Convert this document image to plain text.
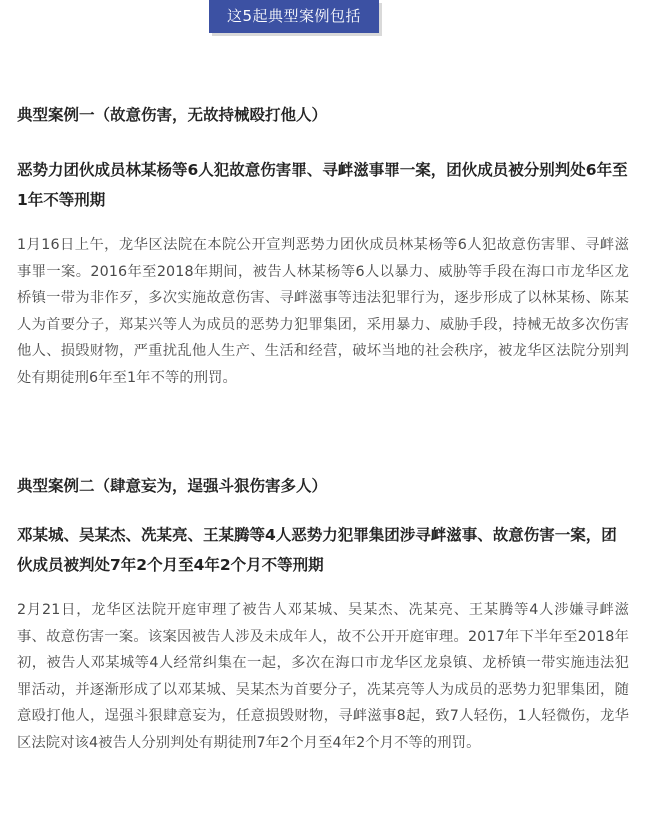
这5起典型案例包括
典型案例一（故意伤害，无故持械殴打他人）
恶势力团伙成员林某杨等6人犯故意伤害罪、寻衅滋事罪一案，团伙成员被分别判处6年至1年不等刑期

1月16日上午，龙华区法院在本院公开宣判恶势力团伙成员林某杨等6人犯故意伤害罪、寻衅滋事罪一案。2016年至2018年期间，被告人林某杨等6人以暴力、威胁等手段在海口市龙华区龙桥镇一带为非作歹，多次实施故意伤害、寻衅滋事等违法犯罪行为，逐步形成了以林某杨、陈某人为首要分子，郑某兴等人为成员的恶势力犯罪集团，采用暴力、威胁手段，持械无故多次伤害他人、损毁财物，严重扰乱他人生产、生活和经营，破坏当地的社会秩序，被龙华区法院分别判处有期徒刑6年至1年不等的刑罚。

典型案例二（肆意妄为，逞强斗狠伤害多人）
邓某城、吴某杰、冼某亮、王某腾等4人恶势力犯罪集团涉寻衅滋事、故意伤害一案，团伙成员被判处7年2个月至4年2个月不等刑期

2月21日，龙华区法院开庭审理了被告人邓某城、吴某杰、冼某亮、王某腾等4人涉嫌寻衅滋事、故意伤害一案。该案因被告人涉及未成年人，故不公开开庭审理。2017年下半年至2018年初，被告人邓某城等4人经常纠集在一起，多次在海口市龙华区龙泉镇、龙桥镇一带实施违法犯罪活动，并逐渐形成了以邓某城、吴某杰为首要分子，冼某亮等人为成员的恶势力犯罪集团，随意殴打他人，逞强斗狠肆意妄为，任意损毁财物，寻衅滋事8起，致7人轻伤，1人轻微伤，龙华区法院对该4被告人分别判处有期徒刑7年2个月至4年2个月不等的刑罚。
